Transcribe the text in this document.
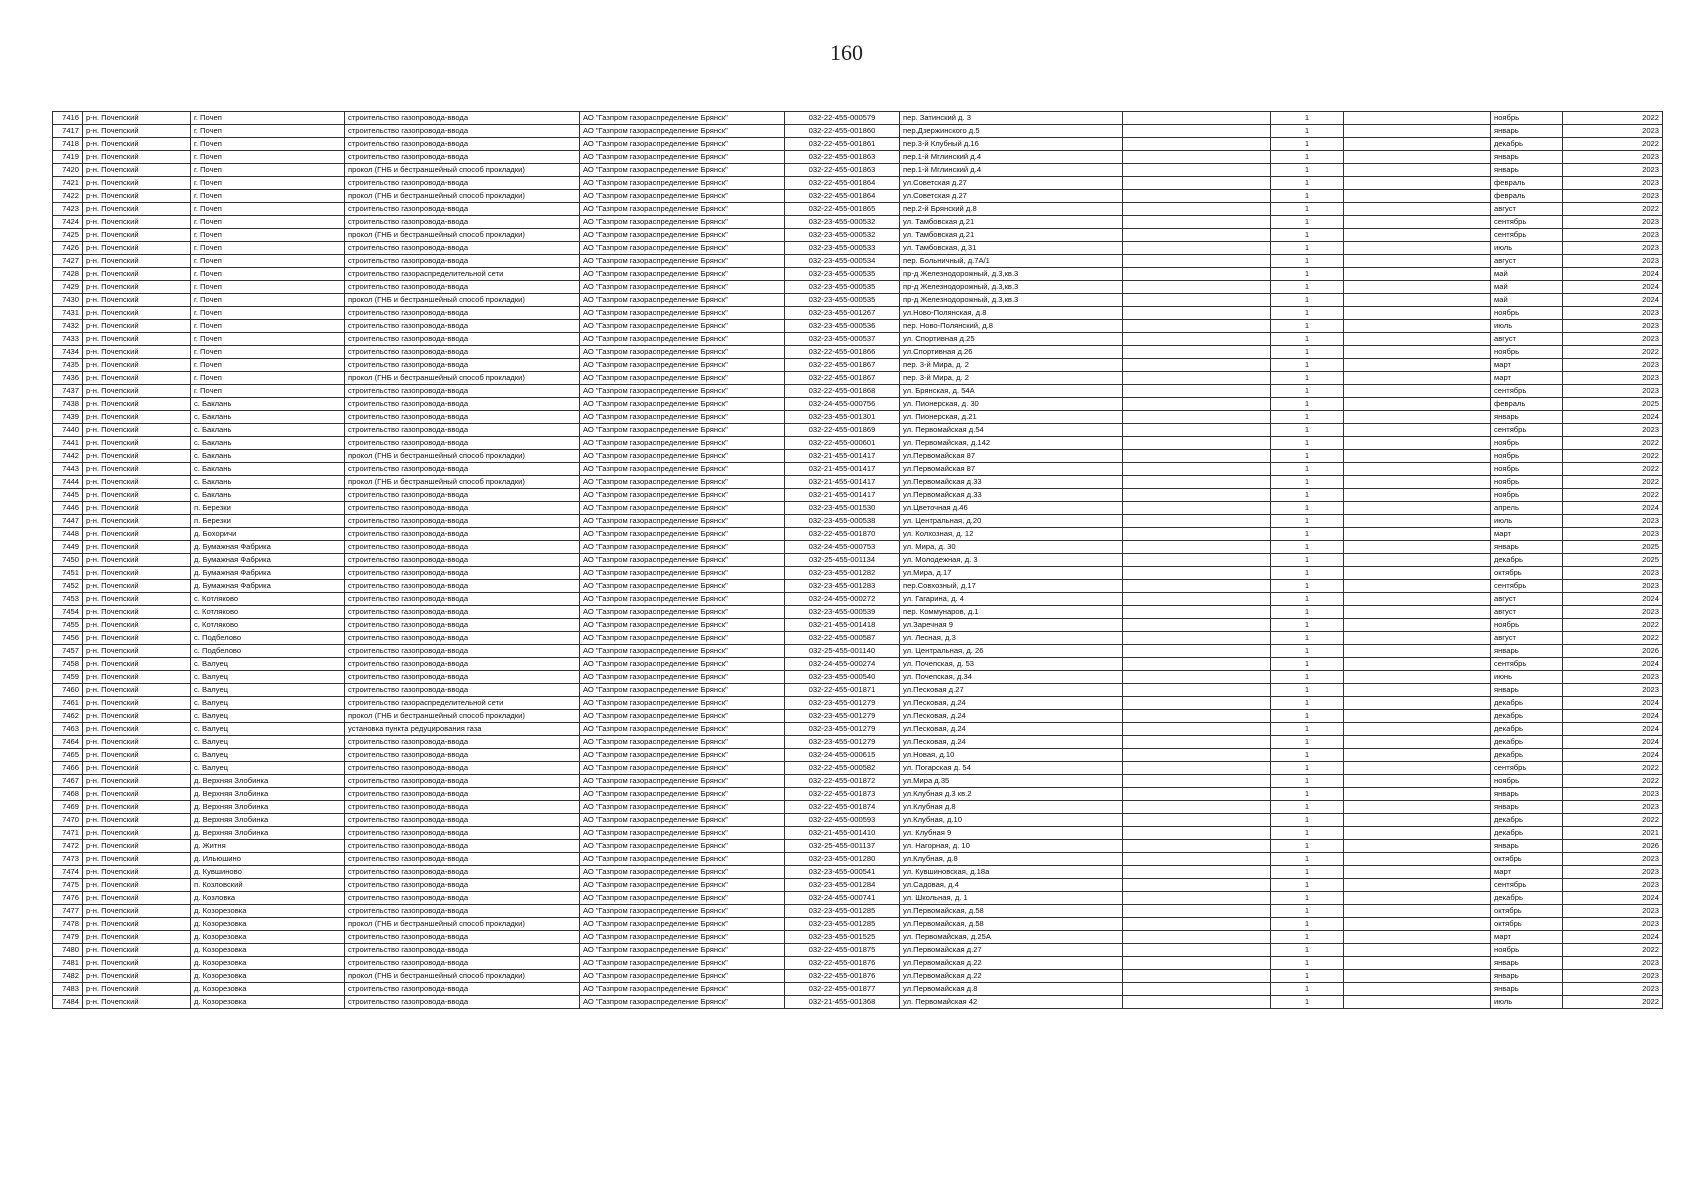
160
7416	р-н. Почепский	г. Почеп	строительство газопровода-ввода	АО "Газпром газораспределение Брянск"	032-22-455-000579	пер. Затинский д. 3		1		ноябрь	2022
7417	р-н. Почепский	г. Почеп	строительство газопровода-ввода	АО "Газпром газораспределение Брянск"	032-22-455-001860	пер.Дзержинского д.5		1		январь	2023
7418	р-н. Почепский	г. Почеп	строительство газопровода-ввода	АО "Газпром газораспределение Брянск"	032-22-455-001861	пер.3-й Клубный д.16		1		декабрь	2022
7419	р-н. Почепский	г. Почеп	строительство газопровода-ввода	АО "Газпром газораспределение Брянск"	032-22-455-001863	пер.1-й Мглинский д.4		1		январь	2023
7420	р-н. Почепский	г. Почеп	прокол (ГНБ и бестраншейный способ прокладки)	АО "Газпром газораспределение Брянск"	032-22-455-001863	пер.1-й Мглинский д.4		1		январь	2023
7421	р-н. Почепский	г. Почеп	строительство газопровода-ввода	АО "Газпром газораспределение Брянск"	032-22-455-001864	ул.Советская д.27		1		февраль	2023
7422	р-н. Почепский	г. Почеп	прокол (ГНБ и бестраншейный способ прокладки)	АО "Газпром газораспределение Брянск"	032-22-455-001864	ул.Советская д.27		1		февраль	2023
7423	р-н. Почепский	г. Почеп	строительство газопровода-ввода	АО "Газпром газораспределение Брянск"	032-22-455-001865	пер.2-й Брянский д.8		1		август	2022
7424	р-н. Почепский	г. Почеп	строительство газопровода-ввода	АО "Газпром газораспределение Брянск"	032-23-455-000532	ул. Тамбовская д.21		1		сентябрь	2023
7425	р-н. Почепский	г. Почеп	прокол (ГНБ и бестраншейный способ прокладки)	АО "Газпром газораспределение Брянск"	032-23-455-000532	ул. Тамбовская д.21		1		сентябрь	2023
7426	р-н. Почепский	г. Почеп	строительство газопровода-ввода	АО "Газпром газораспределение Брянск"	032-23-455-000533	ул. Тамбовская, д.31		1		июль	2023
7427	р-н. Почепский	г. Почеп	строительство газопровода-ввода	АО "Газпром газораспределение Брянск"	032-23-455-000534	пер. Больничный, д.7А/1		1		август	2023
7428	р-н. Почепский	г. Почеп	строительство газораспределительной сети	АО "Газпром газораспределение Брянск"	032-23-455-000535	пр-д Железнодорожный, д.3,кв.3		1		май	2024
7429	р-н. Почепский	г. Почеп	строительство газопровода-ввода	АО "Газпром газораспределение Брянск"	032-23-455-000535	пр-д Железнодорожный, д.3,кв.3		1		май	2024
7430	р-н. Почепский	г. Почеп	прокол (ГНБ и бестраншейный способ прокладки)	АО "Газпром газораспределение Брянск"	032-23-455-000535	пр-д Железнодорожный, д.3,кв.3		1		май	2024
7431	р-н. Почепский	г. Почеп	строительство газопровода-ввода	АО "Газпром газораспределение Брянск"	032-23-455-001267	ул.Ново-Полянская, д.8		1		ноябрь	2023
7432	р-н. Почепский	г. Почеп	строительство газопровода-ввода	АО "Газпром газораспределение Брянск"	032-23-455-000536	пер. Ново-Полянский, д.8		1		июль	2023
7433	р-н. Почепский	г. Почеп	строительство газопровода-ввода	АО "Газпром газораспределение Брянск"	032-23-455-000537	ул. Спортивная д.25		1		август	2023
7434	р-н. Почепский	г. Почеп	строительство газопровода-ввода	АО "Газпром газораспределение Брянск"	032-22-455-001866	ул.Спортивная д.26		1		ноябрь	2022
7435	р-н. Почепский	г. Почеп	строительство газопровода-ввода	АО "Газпром газораспределение Брянск"	032-22-455-001867	пер. 3-й Мира, д. 2		1		март	2023
7436	р-н. Почепский	г. Почеп	прокол (ГНБ и бестраншейный способ прокладки)	АО "Газпром газораспределение Брянск"	032-22-455-001867	пер. 3-й Мира, д. 2		1		март	2023
7437	р-н. Почепский	г. Почеп	строительство газопровода-ввода	АО "Газпром газораспределение Брянск"	032-22-455-001868	ул. Брянская, д. 54А		1		сентябрь	2023
7438	р-н. Почепский	с. Баклань	строительство газопровода-ввода	АО "Газпром газораспределение Брянск"	032-24-455-000756	ул. Пионерская, д. 30		1		февраль	2025
7439	р-н. Почепский	с. Баклань	строительство газопровода-ввода	АО "Газпром газораспределение Брянск"	032-23-455-001301	ул. Пионерская, д.21		1		январь	2024
7440	р-н. Почепский	с. Баклань	строительство газопровода-ввода	АО "Газпром газораспределение Брянск"	032-22-455-001869	ул. Первомайская д.54		1		сентябрь	2023
7441	р-н. Почепский	с. Баклань	строительство газопровода-ввода	АО "Газпром газораспределение Брянск"	032-22-455-000601	ул. Первомайская, д.142		1		ноябрь	2022
7442	р-н. Почепский	с. Баклань	прокол (ГНБ и бестраншейный способ прокладки)	АО "Газпром газораспределение Брянск"	032-21-455-001417	ул.Первомайская 87		1		ноябрь	2022
7443	р-н. Почепский	с. Баклань	строительство газопровода-ввода	АО "Газпром газораспределение Брянск"	032-21-455-001417	ул.Первомайская 87		1		ноябрь	2022
7444	р-н. Почепский	с. Баклань	прокол (ГНБ и бестраншейный способ прокладки)	АО "Газпром газораспределение Брянск"	032-21-455-001417	ул.Первомайская д.33		1		ноябрь	2022
7445	р-н. Почепский	с. Баклань	строительство газопровода-ввода	АО "Газпром газораспределение Брянск"	032-21-455-001417	ул.Первомайская д.33		1		ноябрь	2022
7446	р-н. Почепский	п. Березки	строительство газопровода-ввода	АО "Газпром газораспределение Брянск"	032-23-455-001530	ул.Цветочная д.46		1		апрель	2024
7447	р-н. Почепский	п. Березки	строительство газопровода-ввода	АО "Газпром газораспределение Брянск"	032-23-455-000538	ул. Центральная, д.20		1		июль	2023
7448	р-н. Почепский	д. Бохоричи	строительство газопровода-ввода	АО "Газпром газораспределение Брянск"	032-22-455-001870	ул. Колхозная, д. 12		1		март	2023
7449	р-н. Почепский	д. Бумажная Фабрика	строительство газопровода-ввода	АО "Газпром газораспределение Брянск"	032-24-455-000753	ул. Мира, д. 30		1		январь	2025
7450	р-н. Почепский	д. Бумажная Фабрика	строительство газопровода-ввода	АО "Газпром газораспределение Брянск"	032-25-455-001134	ул. Молодежная, д. 3		1		декабрь	2025
7451	р-н. Почепский	д. Бумажная Фабрика	строительство газопровода-ввода	АО "Газпром газораспределение Брянск"	032-23-455-001282	ул.Мира, д.17		1		октябрь	2023
7452	р-н. Почепский	д. Бумажная Фабрика	строительство газопровода-ввода	АО "Газпром газораспределение Брянск"	032-23-455-001283	пер.Совхозный, д.17		1		сентябрь	2023
7453	р-н. Почепский	с. Котляково	строительство газопровода-ввода	АО "Газпром газораспределение Брянск"	032-24-455-000272	ул. Гагарина, д. 4		1		август	2024
7454	р-н. Почепский	с. Котляково	строительство газопровода-ввода	АО "Газпром газораспределение Брянск"	032-23-455-000539	пер. Коммунаров, д.1		1		август	2023
7455	р-н. Почепский	с. Котляково	строительство газопровода-ввода	АО "Газпром газораспределение Брянск"	032-21-455-001418	ул.Заречная 9		1		ноябрь	2022
7456	р-н. Почепский	с. Подбелово	строительство газопровода-ввода	АО "Газпром газораспределение Брянск"	032-22-455-000587	ул. Лесная, д.3		1		август	2022
7457	р-н. Почепский	с. Подбелово	строительство газопровода-ввода	АО "Газпром газораспределение Брянск"	032-25-455-001140	ул. Центральная, д. 26		1		январь	2026
7458	р-н. Почепский	с. Валуец	строительство газопровода-ввода	АО "Газпром газораспределение Брянск"	032-24-455-000274	ул. Почепская, д. 53		1		сентябрь	2024
7459	р-н. Почепский	с. Валуец	строительство газопровода-ввода	АО "Газпром газораспределение Брянск"	032-23-455-000540	ул. Почепская, д.34		1		июнь	2023
7460	р-н. Почепский	с. Валуец	строительство газопровода-ввода	АО "Газпром газораспределение Брянск"	032-22-455-001871	ул.Песковая д.27		1		январь	2023
7461	р-н. Почепский	с. Валуец	строительство газораспределительной сети	АО "Газпром газораспределение Брянск"	032-23-455-001279	ул.Песковая, д.24		1		декабрь	2024
7462	р-н. Почепский	с. Валуец	прокол (ГНБ и бестраншейный способ прокладки)	АО "Газпром газораспределение Брянск"	032-23-455-001279	ул.Песковая, д.24		1		декабрь	2024
7463	р-н. Почепский	с. Валуец	установка пункта редуцирования газа	АО "Газпром газораспределение Брянск"	032-23-455-001279	ул.Песковая, д.24		1		декабрь	2024
7464	р-н. Почепский	с. Валуец	строительство газопровода-ввода	АО "Газпром газораспределение Брянск"	032-23-455-001279	ул.Песковая, д.24		1		декабрь	2024
7465	р-н. Почепский	с. Валуец	строительство газопровода-ввода	АО "Газпром газораспределение Брянск"	032-24-455-000615	ул.Новая, д.10		1		декабрь	2024
7466	р-н. Почепский	с. Валуец	строительство газопровода-ввода	АО "Газпром газораспределение Брянск"	032-22-455-000582	ул. Погарская д. 54		1		сентябрь	2022
7467	р-н. Почепский	д. Верхняя Злобинка	строительство газопровода-ввода	АО "Газпром газораспределение Брянск"	032-22-455-001872	ул.Мира д.35		1		ноябрь	2022
7468	р-н. Почепский	д. Верхняя Злобинка	строительство газопровода-ввода	АО "Газпром газораспределение Брянск"	032-22-455-001873	ул.Клубная д.3 кв.2		1		январь	2023
7469	р-н. Почепский	д. Верхняя Злобинка	строительство газопровода-ввода	АО "Газпром газораспределение Брянск"	032-22-455-001874	ул.Клубная д.8		1		январь	2023
7470	р-н. Почепский	д. Верхняя Злобинка	строительство газопровода-ввода	АО "Газпром газораспределение Брянск"	032-22-455-000593	ул.Клубная, д.10		1		декабрь	2022
7471	р-н. Почепский	д. Верхняя Злобинка	строительство газопровода-ввода	АО "Газпром газораспределение Брянск"	032-21-455-001410	ул. Клубная 9		1		декабрь	2021
7472	р-н. Почепский	д. Житня	строительство газопровода-ввода	АО "Газпром газораспределение Брянск"	032-25-455-001137	ул. Нагорная, д. 10		1		январь	2026
7473	р-н. Почепский	д. Ильюшино	строительство газопровода-ввода	АО "Газпром газораспределение Брянск"	032-23-455-001280	ул.Клубная, д.8		1		октябрь	2023
7474	р-н. Почепский	д. Кувшиново	строительство газопровода-ввода	АО "Газпром газораспределение Брянск"	032-23-455-000541	ул. Кувшиновская, д.18а		1		март	2023
7475	р-н. Почепский	п. Козловский	строительство газопровода-ввода	АО "Газпром газораспределение Брянск"	032-23-455-001284	ул.Садовая, д.4		1		сентябрь	2023
7476	р-н. Почепский	д. Козловка	строительство газопровода-ввода	АО "Газпром газораспределение Брянск"	032-24-455-000741	ул. Школьная, д. 1		1		декабрь	2024
7477	р-н. Почепский	д. Козорезовка	строительство газопровода-ввода	АО "Газпром газораспределение Брянск"	032-23-455-001285	ул.Первомайская, д.58		1		октябрь	2023
7478	р-н. Почепский	д. Козорезовка	прокол (ГНБ и бестраншейный способ прокладки)	АО "Газпром газораспределение Брянск"	032-23-455-001285	ул.Первомайская, д.58		1		октябрь	2023
7479	р-н. Почепский	д. Козорезовка	строительство газопровода-ввода	АО "Газпром газораспределение Брянск"	032-23-455-001525	ул. Первомайская, д.25А		1		март	2024
7480	р-н. Почепский	д. Козорезовка	строительство газопровода-ввода	АО "Газпром газораспределение Брянск"	032-22-455-001875	ул.Первомайская д.27		1		ноябрь	2022
7481	р-н. Почепский	д. Козорезовка	строительство газопровода-ввода	АО "Газпром газораспределение Брянск"	032-22-455-001876	ул.Первомайская д.22		1		январь	2023
7482	р-н. Почепский	д. Козорезовка	прокол (ГНБ и бестраншейный способ прокладки)	АО "Газпром газораспределение Брянск"	032-22-455-001876	ул.Первомайская д.22		1		январь	2023
7483	р-н. Почепский	д. Козорезовка	строительство газопровода-ввода	АО "Газпром газораспределение Брянск"	032-22-455-001877	ул.Первомайская д.8		1		январь	2023
7484	р-н. Почепский	д. Козорезовка	строительство газопровода-ввода	АО "Газпром газораспределение Брянск"	032-21-455-001368	ул. Первомайская 42		1		июль	2022
